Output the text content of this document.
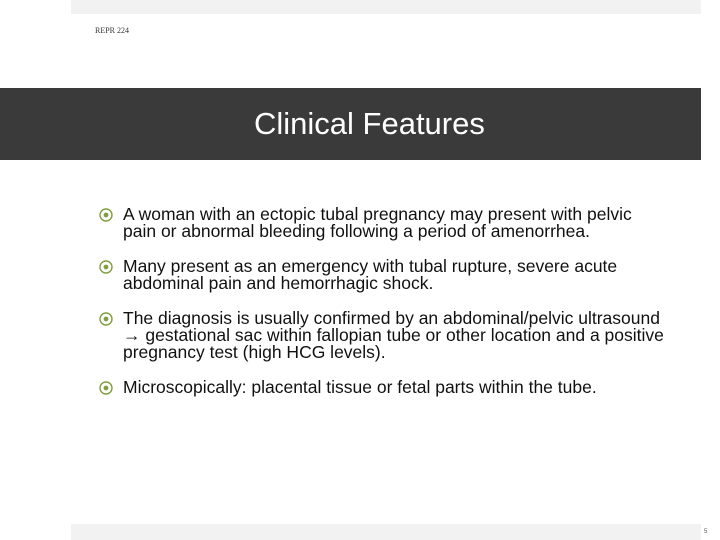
REPR 224
Clinical Features
A woman with an ectopic tubal pregnancy may present with pelvic pain or abnormal bleeding following a period of amenorrhea.
Many present as an emergency with tubal rupture, severe acute abdominal pain and hemorrhagic shock.
The diagnosis is usually confirmed by an abdominal/pelvic ultrasound → gestational sac within fallopian tube or other location and a positive pregnancy test (high HCG levels).
Microscopically: placental tissue or fetal parts within the tube.
5
